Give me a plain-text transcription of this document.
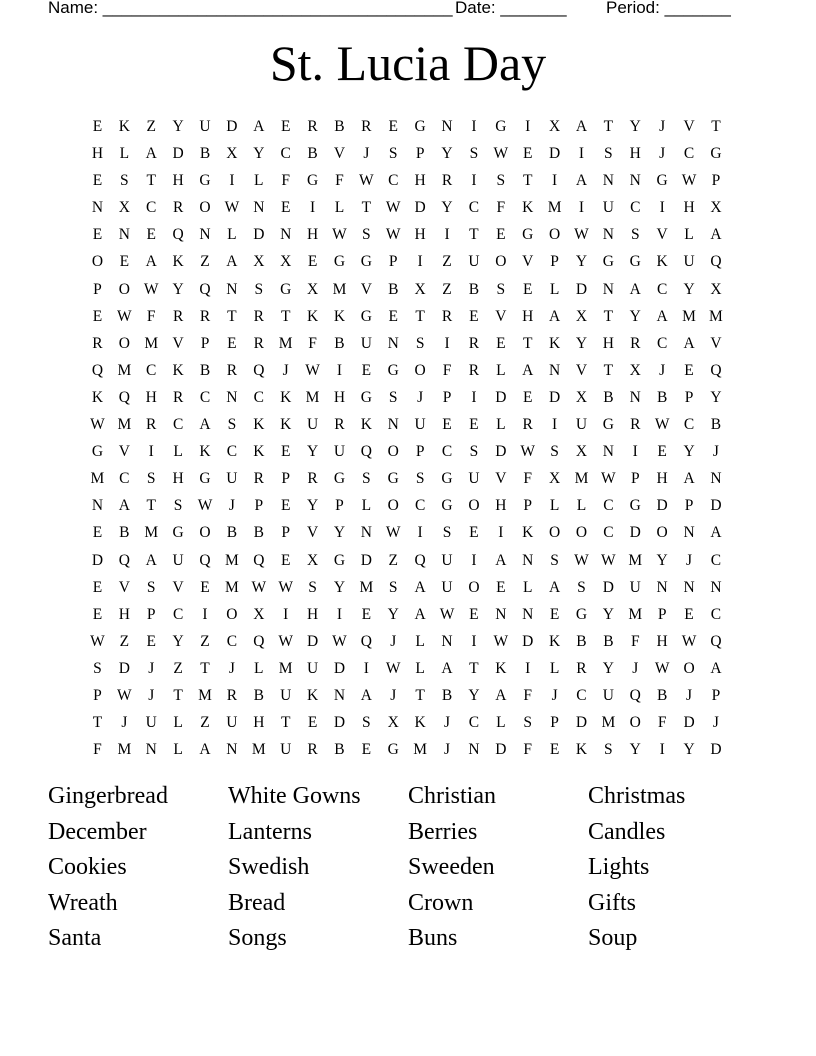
Name: _____________________________________ Date: _______ Period: _______
St. Lucia Day
E	K	Z	Y	U	D	A	E	R	B	R	E	G	N	I	G	I	X	A	T	Y	J	V	T
H	L	A	D	B	X	Y	C	B	V	J	S	P	Y	S W E	D	I	S	H	J	C	G
E	S	T	H	G	I	L	F	G	F W C	H	R	I	S	T	I	A	N	N	G W P
N	X	C	R	O W N	E	I	L	T W D	Y	C	F	K M	I	U	C	I	H	X
E	N	E	Q	N	L	D	N	H W S W H	I	T	E	G	O W N	S	V	L	A
O	E	A	K	Z	A	X	X	E	G	G	P	I	Z	U	O	V	P	Y	G	G	K	U	Q
P	O W Y	Q	N	S	G	X M V	B	X	Z	B	S	E	L	D	N	A	C	Y	X
E W F	R	R	T	R	T	K	K	G	E	T	R	E	V	H	A	X	T	Y	A M M
R	O M V	P	E	R M	F	B	U	N	S	I	R	E	T	K	Y	H	R	C	A	V
Q M C	K	B	R	Q	J	W	I	E	G	O	F	R	L	A	N	V	T	X	J	E	Q
K	Q	H	R	C	N	C	K M H	G	S	J	P	I	D	E	D	X	B	N	B	P	Y
W M R	C	A	S	K	K	U	R	K	N	U	E	E	L	R	I	U	G	R W C	B
G	V	I	L	K	C	K	E	Y	U	Q	O	P	C	S	D W S	X	N	I	E	Y	J
M C	S	H	G	U	R	P	R	G	S	G	S	G	U	V	F	X M W P	H	A	N
N	A	T	S W	J	P	E	Y	P	L	O	C	G	O	H	P	L	L	C	G	D	P	D
E	B M G	O	B	B	P	V	Y	N W	I	S	E	I	K	O	O	C	D	O	N	A
D	Q	A	U	Q M Q	E	X	G	D	Z	Q	U	I	A	N	S W W M Y	J	C
E	V	S	V	E M W W S	Y M	S	A	U	O	E	L	A	S	D	U	N	N	N
E	H	P	C	I	O	X	I	H	I	E	Y	A W E	N	N	E	G	Y M	P	E	C
W Z	E	Y	Z	C	Q W D W Q	J	L	N	I	W D	K	B	B	F	H W Q
S	D	J	Z	T	J	L M U	D	I	W L	A	T	K	I	L	R	Y	J	W O	A
P W	J	T M R	B	U	K	N	A	J	T	B	Y	A	F	J	C	U	Q	B	J	P
T	J	U	L	Z	U	H	T	E	D	S	X	K	J	C	L	S	P	D M O	F	D	J
F	M N	L	A	N M U	R	B	E	G M	J	N	D	F	E	K	S	Y	I	Y	D
Gingerbread	White Gowns	Christian	Christmas
December	Lanterns	Berries	Candles
Cookies	Swedish	Sweeden	Lights
Wreath	Bread	Crown	Gifts
Santa	Songs	Buns	Soup
